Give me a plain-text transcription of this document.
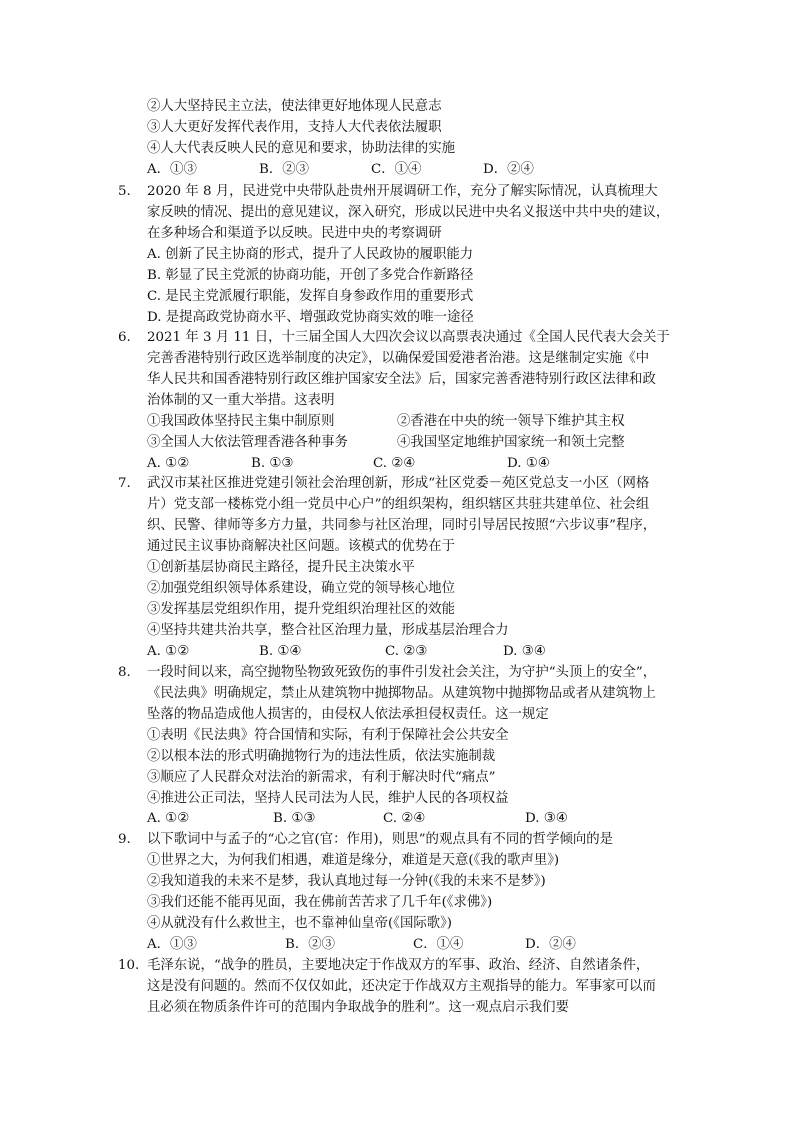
②人大坚持民主立法，使法律更好地体现人民意志
③人大更好发挥代表作用，支持人大代表依法履职
④人大代表反映人民的意见和要求，协助法律的实施
A．①③	B．②③	C．①④	D．②④
5. 2020 年 8 月，民进党中央带队赴贵州开展调研工作，充分了解实际情况，认真梳理大
家反映的情况、提出的意见建议，深入研究，形成以民进中央名义报送中共中央的建议，
在多种场合和渠道予以反映。民进中央的考察调研
A. 创新了民主协商的形式，提升了人民政协的履职能力
B. 彰显了民主党派的协商功能，开创了多党合作新路径
C. 是民主党派履行职能，发挥自身参政作用的重要形式
D. 是提高政党协商水平、增强政党协商实效的唯一途径
6. 2021 年 3 月 11 日，十三届全国人大四次会议以高票表决通过《全国人民代表大会关于
完善香港特别行政区选举制度的决定》，以确保爱国爱港者治港。这是继制定实施《中
华人民共和国香港特别行政区维护国家安全法》后，国家完善香港特别行政区法律和政
治体制的又一重大举措。这表明
①我国政体坚持民主集中制原则	②香港在中央的统一领导下维护其主权
③全国人大依法管理香港各种事务	④我国坚定地维护国家统一和领土完整
A. ①②	B. ①③	C. ②④	D. ①④
7. 武汉市某社区推进党建引领社会治理创新，形成“社区党委－苑区党总支一小区（网格
片）党支部一楼栋党小组一党员中心户”的组织架构，组织辖区共驻共建单位、社会组
织、民警、律师等多方力量，共同参与社区治理，同时引导居民按照“六步议事”程序，
通过民主议事协商解决社区问题。该模式的优势在于
①创新基层协商民主路径，提升民主决策水平
②加强党组织领导体系建设，确立党的领导核心地位
③发挥基层党组织作用，提升党组织治理社区的效能
④坚持共建共治共享，整合社区治理力量，形成基层治理合力
A. ①②	B. ①④	C. ②③	D. ③④
8. 一段时间以来，高空抛物坠物致死致伤的事件引发社会关注，为守护“头顶上的安全”，
《民法典》明确规定，禁止从建筑物中抛掷物品。从建筑物中抛掷物品或者从建筑物上
坠落的物品造成他人损害的，由侵权人依法承担侵权责任。这一规定
①表明《民法典》符合国情和实际，有利于保障社会公共安全
②以根本法的形式明确抛物行为的违法性质，依法实施制裁
③顺应了人民群众对法治的新需求，有利于解决时代“痛点”
④推进公正司法，坚持人民司法为人民，维护人民的各项权益
A. ①②	B. ①③	C. ②④	D. ③④
9. 以下歌词中与孟子的“心之官(官：作用)，则思”的观点具有不同的哲学倾向的是
①世界之大，为何我们相遇，难道是缘分，难道是天意(《我的歌声里》)
②我知道我的未来不是梦，我认真地过每一分钟(《我的未来不是梦》)
③我们还能不能再见面，我在佛前苦苦求了几千年(《求佛》)
④从就没有什么救世主，也不靠神仙皇帝(《国际歌》)
A．①③	B．②③	C．①④	D．②④
10. 毛泽东说，“战争的胜员，主要地决定于作战双方的军事、政治、经济、自然诸条件，
这是没有问题的。然而不仅仅如此，还决定于作战双方主观指导的能力。军事家可以而
且必须在物质条件许可的范围内争取战争的胜利”。这一观点启示我们要
